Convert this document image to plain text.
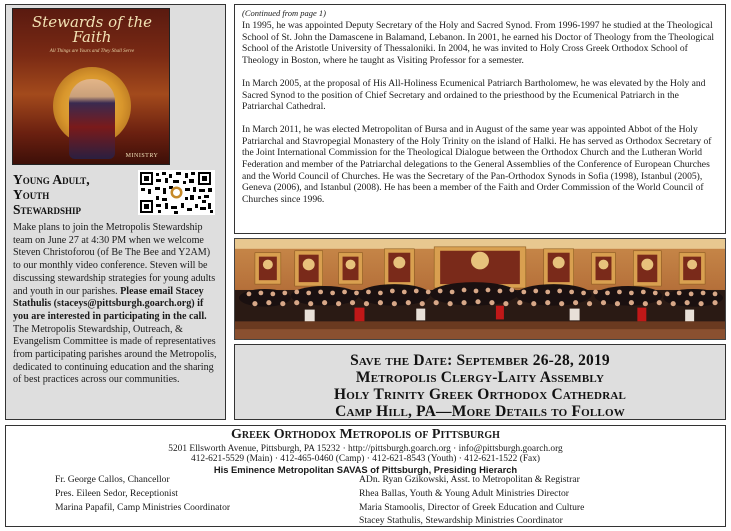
Stewards of the Faith
All Things are Yours and They Shall Serve
MINISTRY
Young Adult,
Youth
Stewardship
Make plans to join the Metropolis Stewardship team on June 27 at 4:30 PM when we welcome Steven Christoforou (of Be The Bee and Y2AM) to our monthly video conference. Steven will be discussing stewardship strategies for young adults and youth in our parishes. Please email Stacey Stathulis (staceys@pittsburgh.goarch.org) if you are interested in participating in the call. The Metropolis Stewardship, Outreach, & Evangelism Committee is made of representatives from participating parishes around the Metropolis, dedicated to continuing education and the sharing of best practices across our communities.
(Continued from page 1)

In 1995, he was appointed Deputy Secretary of the Holy and Sacred Synod. From 1996-1997 he studied at the Theological School of St. John the Damascene in Balamand, Lebanon. In 2001, he earned his Doctor of Theology from the Theological School of the Aristotle University of Thessaloniki. In 2004, he was invited to Holy Cross Greek Orthodox School of Theology in Boston, where he taught as Visiting Professor for a semester.

In March 2005, at the proposal of His All-Holiness Ecumenical Patriarch Bartholomew, he was elevated by the Holy and Sacred Synod to the position of Chief Secretary and ordained to the priesthood by the Ecumenical Patriarch in the Patriarchal Cathedral.

In March 2011, he was elected Metropolitan of Bursa and in August of the same year was appointed Abbot of the Holy Patriarchal and Stavropegial Monastery of the Holy Trinity on the island of Halki. He has served as Orthodox Secretary of the Joint International Commission for the Theological Dialogue between the Orthodox Church and the Lutheran World Federation and member of the Patriarchal delegations to the General Assemblies of the Conference of European Churches and the World Council of Churches. He was the Secretary of the Pan-Orthodox Synods in Sofia (1998), Istanbul (2005), Geneva (2006), and Istanbul (2008). He has been a member of the Faith and Order Commission of the World Council of Churches since 1996.

Save the Date: September 26-28, 2019
Metropolis Clergy-Laity Assembly
Holy Trinity Greek Orthodox Cathedral
Camp Hill, PA—More Details to Follow
Greek Orthodox Metropolis of Pittsburgh
5201 Ellsworth Avenue, Pittsburgh, PA 15232 · http://pittsburgh.goarch.org · info@pittsburgh.goarch.org
412-621-5529 (Main) · 412-465-0460 (Camp) · 412-621-8543 (Youth) · 412-621-1522 (Fax)
His Eminence Metropolitan SAVAS of Pittsburgh, Presiding Hierarch
Fr. George Callos, Chancellor
Pres. Eileen Sedor, Receptionist
Marina Papafil, Camp Ministries Coordinator
ADn. Ryan Gzikowski, Asst. to Metropolitan & Registrar
Rhea Ballas, Youth & Young Adult Ministries Director
Maria Stamoolis, Director of Greek Education and Culture
Stacey Stathulis, Stewardship Ministries Coordinator
